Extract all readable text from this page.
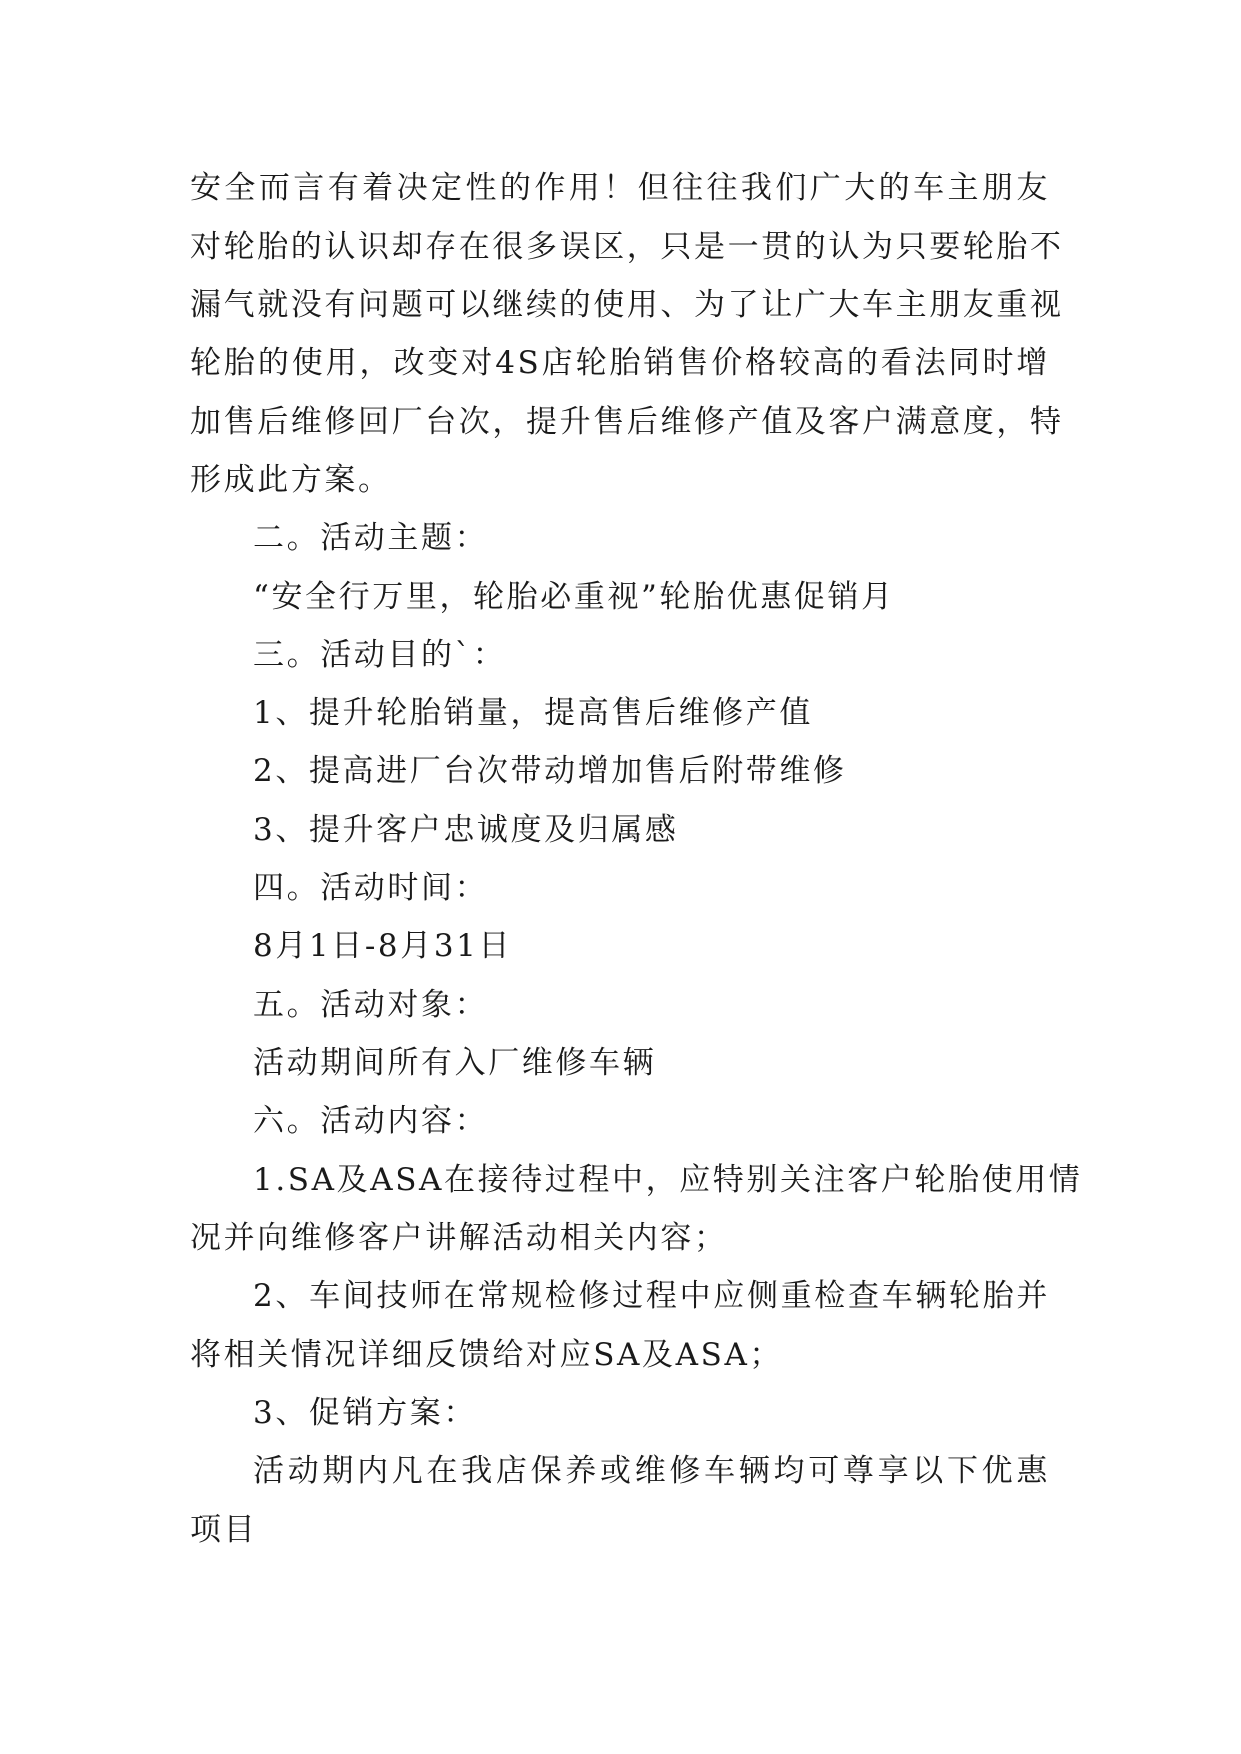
安全而言有着决定性的作用！但往往我们广大的车主朋友
对轮胎的认识却存在很多误区，只是一贯的认为只要轮胎不
漏气就没有问题可以继续的使用、为了让广大车主朋友重视
轮胎的使用，改变对4S店轮胎销售价格较高的看法同时增
加售后维修回厂台次，提升售后维修产值及客户满意度，特
形成此方案。
二。活动主题：
“安全行万里，轮胎必重视”轮胎优惠促销月
三。活动目的`：
1、提升轮胎销量，提高售后维修产值
2、提高进厂台次带动增加售后附带维修
3、提升客户忠诚度及归属感
四。活动时间：
8月1日-8月31日
五。活动对象：
活动期间所有入厂维修车辆
六。活动内容：
1.SA及ASA在接待过程中，应特别关注客户轮胎使用情
况并向维修客户讲解活动相关内容；
2、车间技师在常规检修过程中应侧重检查车辆轮胎并
将相关情况详细反馈给对应SA及ASA；
3、促销方案：
活动期内凡在我店保养或维修车辆均可尊享以下优惠
项目
